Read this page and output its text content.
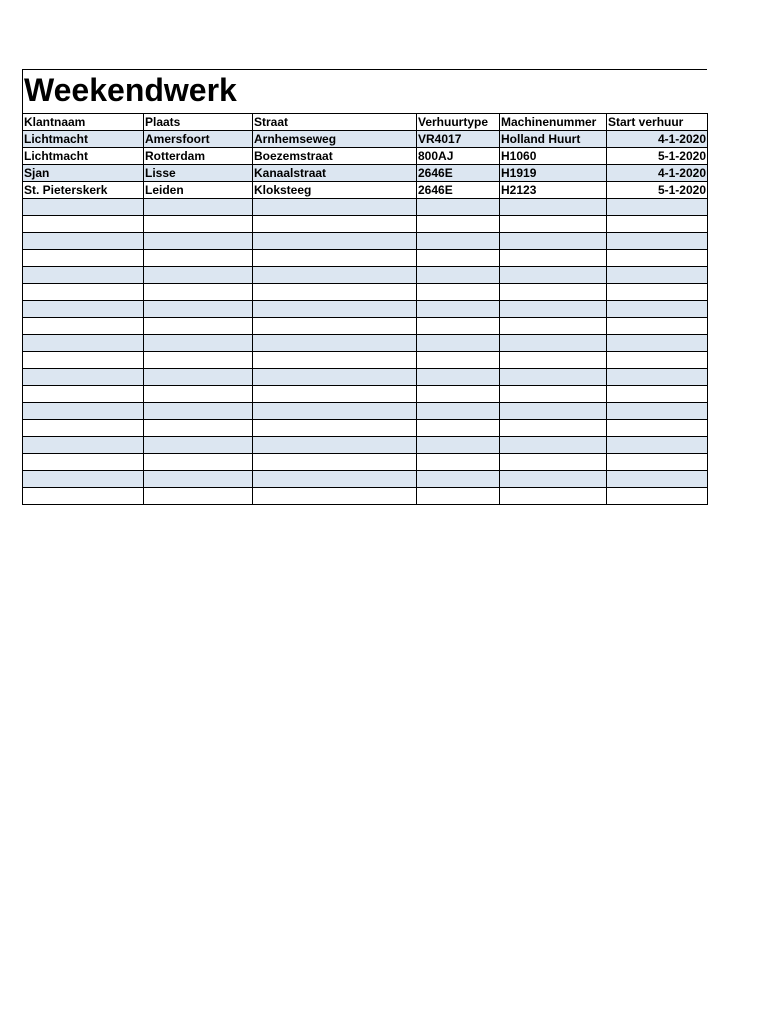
Weekendwerk
Klantnaam	Plaats	Straat	Verhuurtype	Machinenummer	Start verhuur
Lichtmacht	Amersfoort	Arnhemseweg	VR4017	Holland Huurt	4-1-2020
Lichtmacht	Rotterdam	Boezemstraat	800AJ	H1060	5-1-2020
Sjan	Lisse	Kanaalstraat	2646E	H1919	4-1-2020
St. Pieterskerk	Leiden	Kloksteeg	2646E	H2123	5-1-2020
